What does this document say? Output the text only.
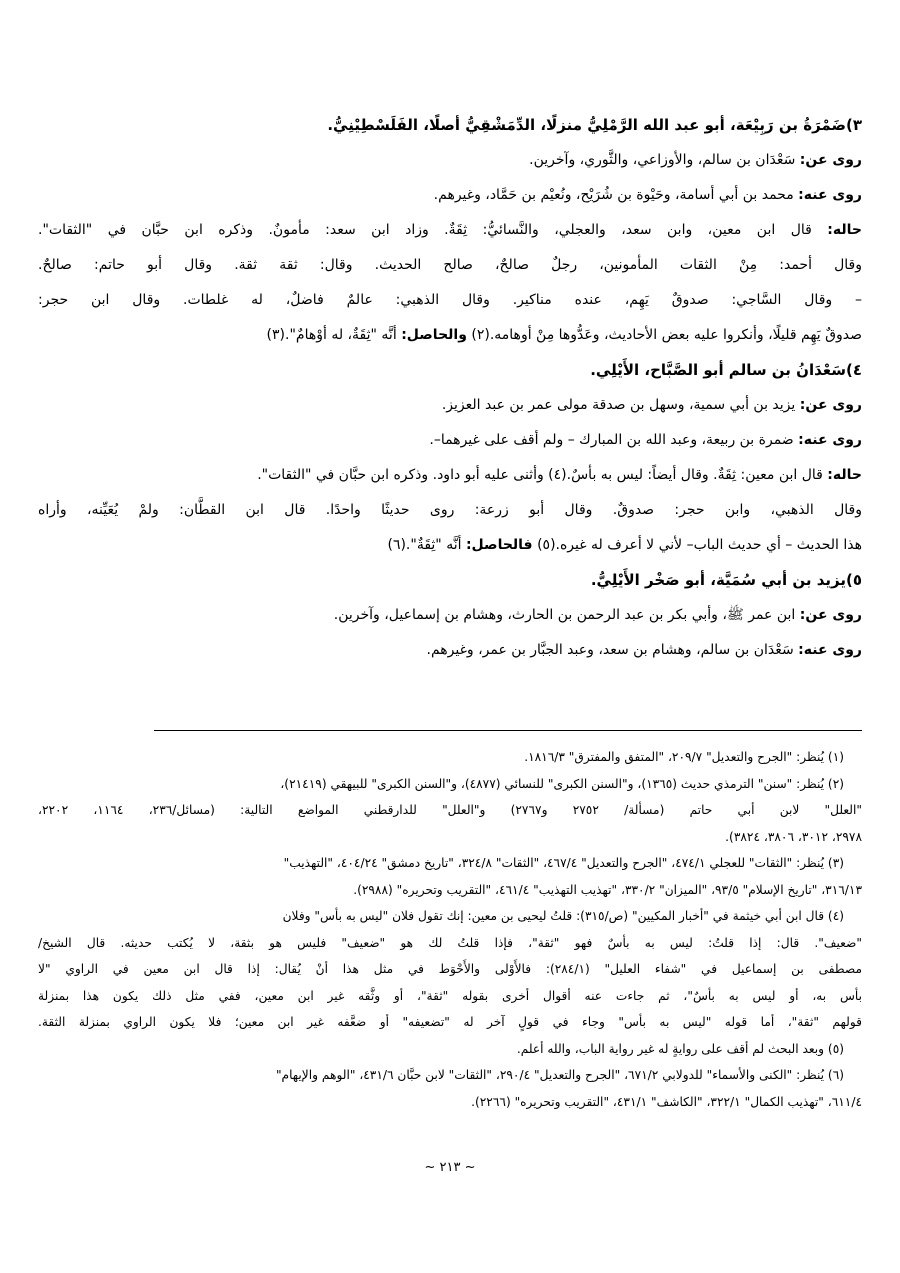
٣)ضَمْرَةُ بن رَبِيْعَة، أبو عبد الله الرَّمْلِيُّ منزلًا، الدِّمَشْقِيُّ أصلًا، الفَلَسْطِيْنِيُّ.
روى عن: سَعْدَان بن سالم، والأوزاعي، والثَّوري، وآخرين.
روى عنه: محمد بن أبي أسامة، وحَيْوة بن شُرَيْح، ونُعيْم بن حَمَّاد، وغيرهم.
حاله: قال ابن معين، وابن سعد، والعجلي، والنَّسائيُّ: ثِقَةٌ. وزاد ابن سعد: مأمونٌ. وذكره ابن حبَّان في "الثقات".
وقال أحمد: مِنْ الثقات المأمونين، رجلٌ صالحٌ، صالح الحديث. وقال: ثقة ثقة. وقال أبو حاتم: صالحٌ.
– وقال السَّاجي: صدوقٌ يَهِم، عنده مناكير. وقال الذهبي: عالمٌ فاضلٌ، له غلطات. وقال ابن حجر:
صدوقٌ يَهِم قليلًا، وأنكروا عليه بعض الأحاديث، وعَدُّوها مِنْ أوهامه.(٢) والحاصل: أنَّه "ثِقَةٌ، له أوْهامٌ".(٣)
٤)سَعْدَانُ بن سالم أبو الصَّبَّاح، الأَيْلِي.
روى عن: يزيد بن أبي سمية، وسهل بن صدقة مولى عمر بن عبد العزيز.
روى عنه: ضمرة بن ربيعة، وعبد الله بن المبارك – ولم أقف على غيرهما–.
حاله: قال ابن معين: ثِقَةٌ. وقال أيضاً: ليس به بأسٌ.(٤) وأثنى عليه أبو داود. وذكره ابن حبَّان في "الثقات".
وقال الذهبي، وابن حجر: صدوقٌ. وقال أبو زرعة: روى حديثًا واحدًا. قال ابن القطَّان: ولمْ يُعَيِّنه، وأراه
هذا الحديث – أي حديث الباب– لأني لا أعرف له غيره.(٥) فالحاصل: أنَّه "ثِقَةٌ".(٦)
٥)يزيد بن أبي سُمَيَّة، أبو صَخْر الأَيْلِيُّ.
روى عن: ابن عمر ﷺ، وأبي بكر بن عبد الرحمن بن الحارث، وهشام بن إسماعيل، وآخرين.
روى عنه: سَعْدَان بن سالم، وهشام بن سعد، وعبد الجبَّار بن عمر، وغيرهم.
(١) يُنظر: "الجرح والتعديل" ٢٠٩/٧، "المتفق والمفترق" ١٨١٦/٣.
(٢) يُنظر: "سنن" الترمذي حديث (١٣٦٥)، و"السنن الكبرى" للنسائي (٤٨٧٧)، و"السنن الكبرى" للبيهقي (٢١٤١٩)،
"العلل" لابن أبي حاتم (مسألة/ ٢٧٥٢ و٢٧٦٧) و"العلل" للدارقطني المواضع التالية: (مسائل/٢٣٦، ١١٦٤، ٢٢٠٢،
٢٩٧٨، ٣٠١٢، ٣٨٠٦، ٣٨٢٤).
(٣) يُنظر: "الثقات" للعجلي ٤٧٤/١، "الجرح والتعديل" ٤٦٧/٤، "الثقات" ٣٢٤/٨، "تاريخ دمشق" ٤٠٤/٢٤، "التهذيب"
٣١٦/١٣، "تاريخ الإسلام" ٩٣/٥، "الميزان" ٣٣٠/٢، "تهذيب التهذيب" ٤٦١/٤، "التقريب وتحريره" (٢٩٨٨).
(٤) قال ابن أبي خيثمة في "أخبار المكيين" (ص/٣١٥): قلتُ ليحيى بن معين: إنك تقول فلان "ليس به بأس" وفلان
"ضعيف". قال: إذا قلتُ: ليس به بأسٌ فهو "ثقة"، فإذا قلتُ لك هو "ضعيف" فليس هو بثقة، لا يُكتب حديثه. قال الشيخ/
مصطفى بن إسماعيل في "شفاء العليل" (٢٨٤/١): فالأَوْلى والأَحْوَط في مثل هذا أنْ يُقال: إذا قال ابن معين في الراوي "لا
بأس به، أو ليس به بأسٌ"، ثم جاءت عنه أقوال أخرى بقوله "ثقة"، أو وثَّقه غير ابن معين، ففي مثل ذلك يكون هذا بمنزلة
قولهم "ثقة"، أما قوله "ليس به بأس" وجاء في قولٍ آخر له "تضعيفه" أو ضعَّفه غير ابن معين؛ فلا يكون الراوي بمنزلة الثقة.
(٥) وبعد البحث لم أقف على روايةٍ له غير رواية الباب، والله أعلم.
(٦) يُنظر: "الكنى والأسماء" للدولابي ٦٧١/٢، "الجرح والتعديل" ٢٩٠/٤، "الثقات" لابن حبَّان ٤٣١/٦، "الوهم والإيهام"
٦١١/٤، "تهذيب الكمال" ٣٢٢/١، "الكاشف" ٤٣١/١، "التقريب وتحريره" (٢٢٦٦).
~ ٢١٣ ~
